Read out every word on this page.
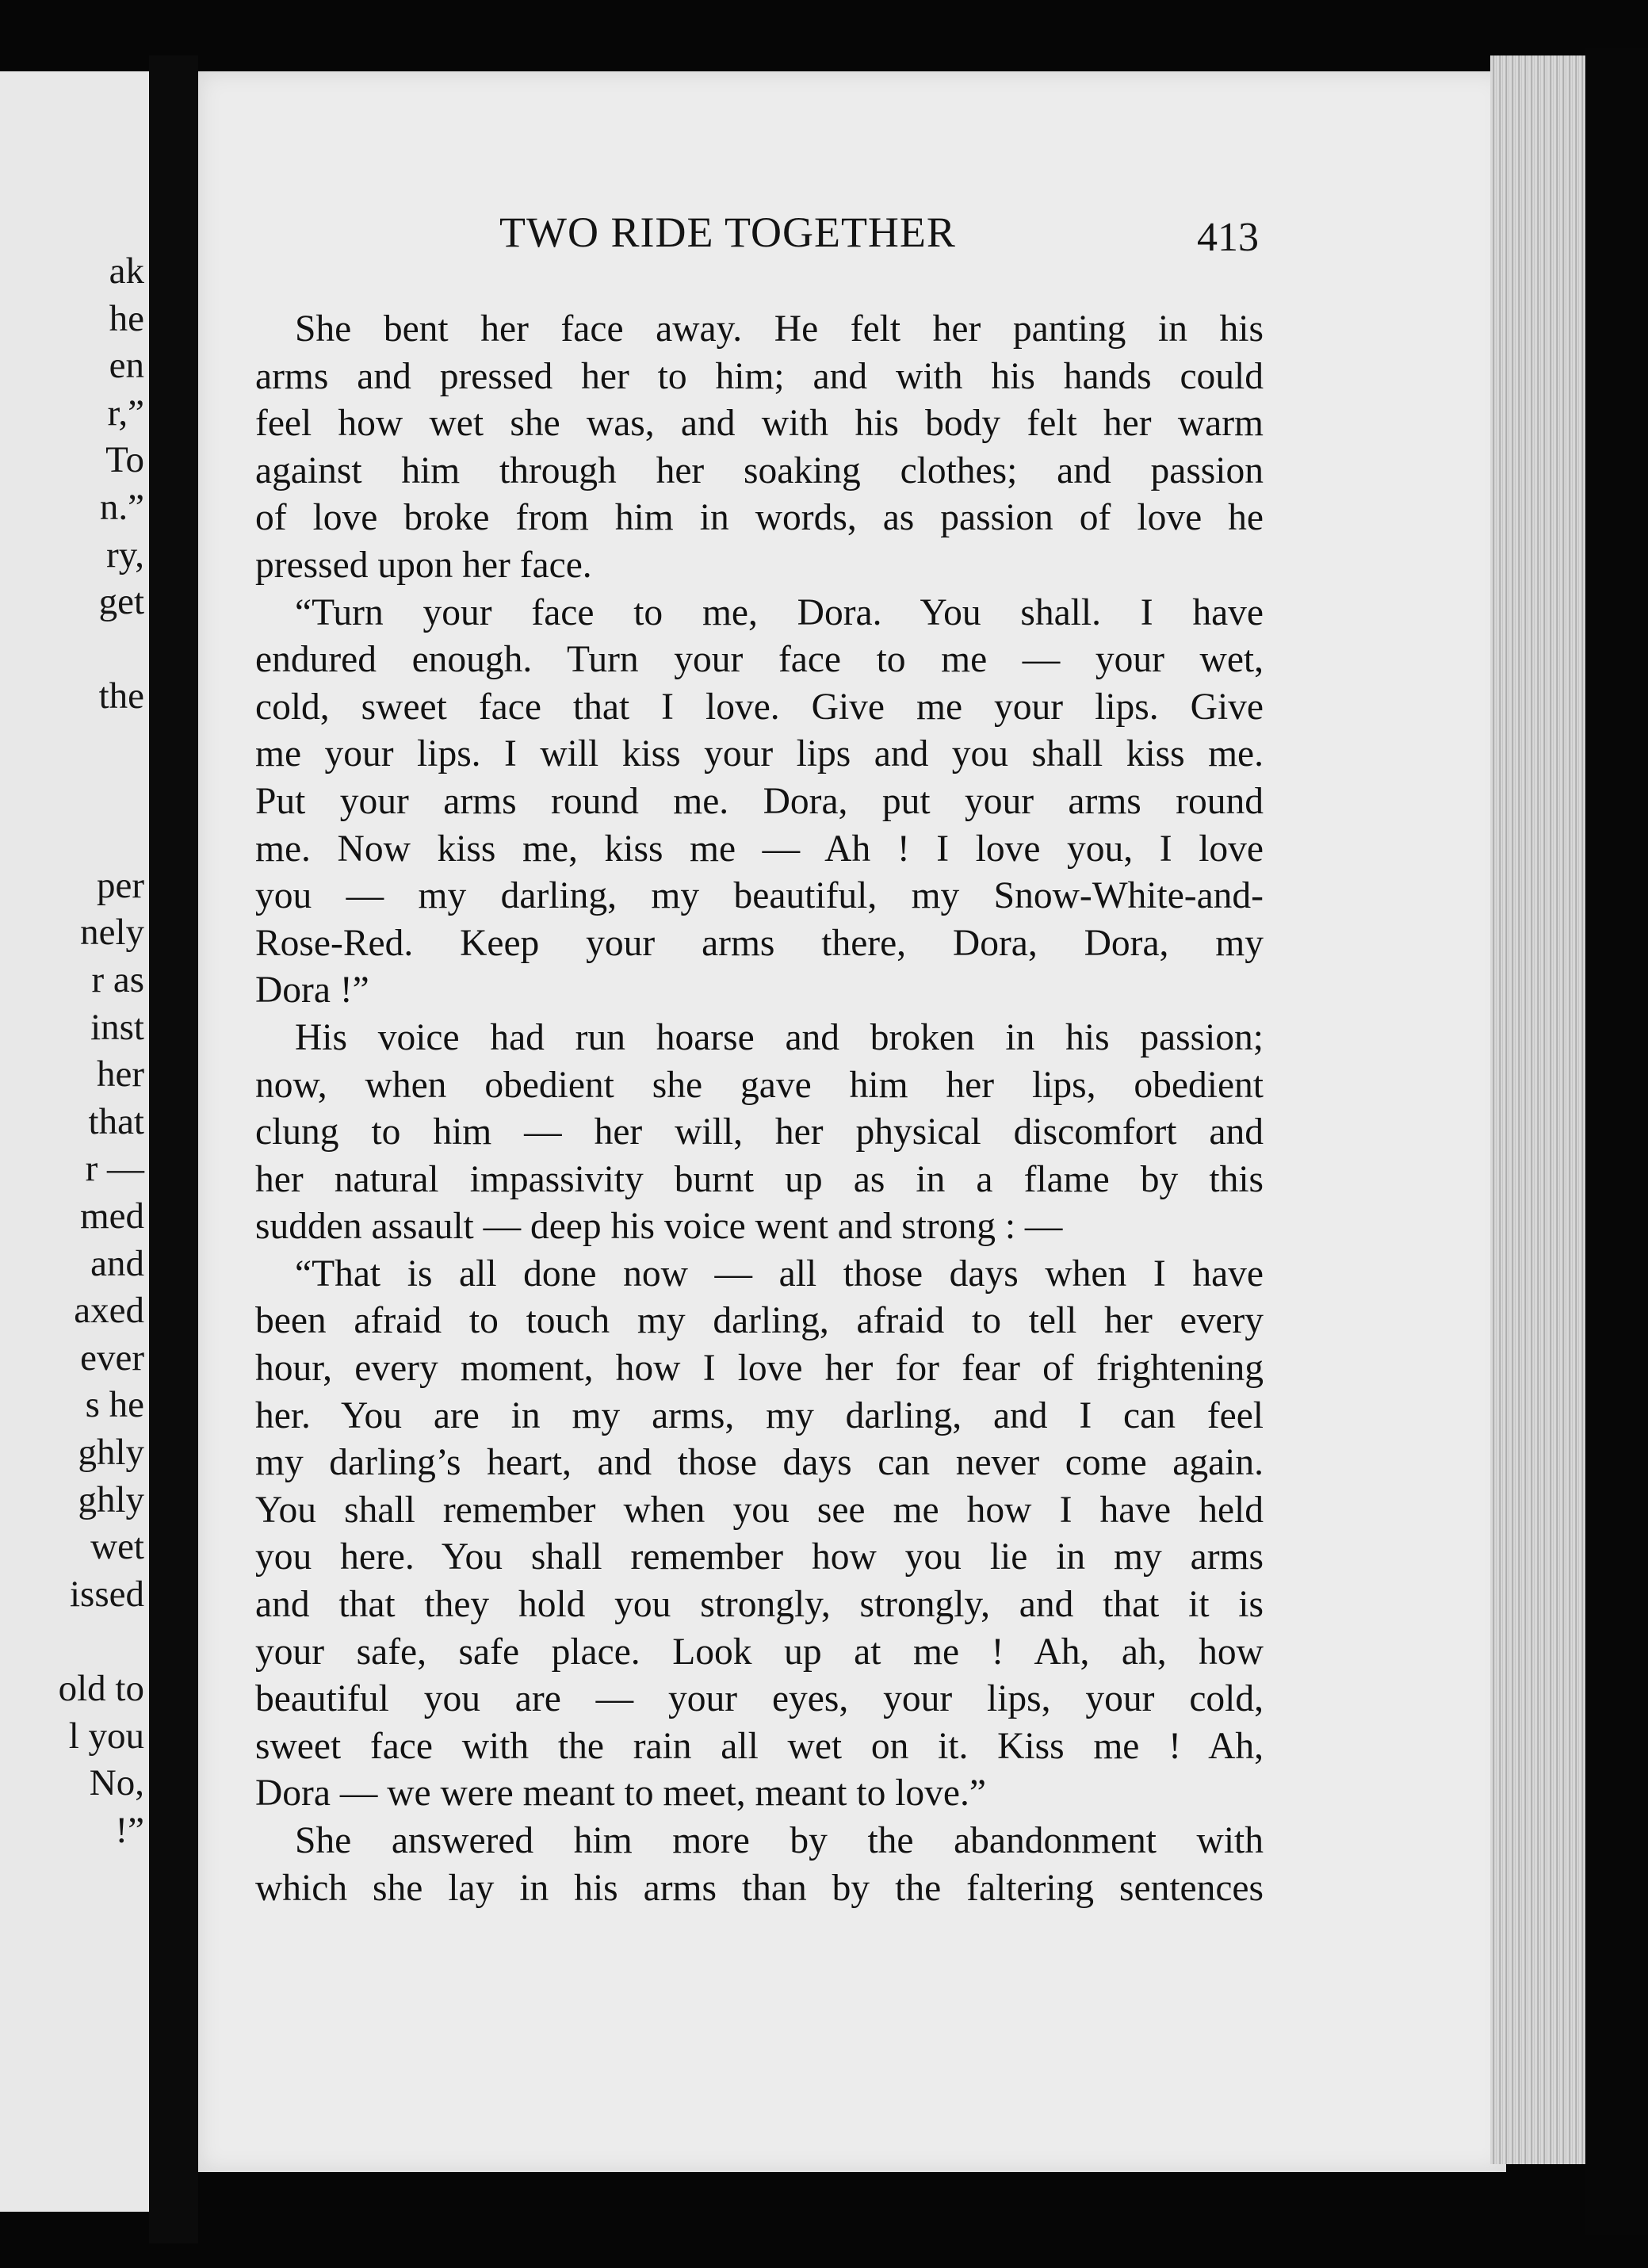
ak
he
en
r,”
To
n.”
ry,
get
the
per
nely
r as
inst
her
that
r —
med
and
axed
ever
s he
ghly
ghly
wet
issed
old to
l you
No,
!”
TWO RIDE TOGETHER	413
She bent her face away. He felt her panting in his
arms and pressed her to him; and with his hands could
feel how wet she was, and with his body felt her warm
against him through her soaking clothes; and passion
of love broke from him in words, as passion of love he
pressed upon her face.
“Turn your face to me, Dora. You shall. I have
endured enough. Turn your face to me — your wet,
cold, sweet face that I love. Give me your lips. Give
me your lips. I will kiss your lips and you shall kiss me.
Put your arms round me. Dora, put your arms round
me. Now kiss me, kiss me — Ah ! I love you, I love
you — my darling, my beautiful, my Snow-White-and-
Rose-Red. Keep your arms there, Dora, Dora, my
Dora !”
His voice had run hoarse and broken in his passion;
now, when obedient she gave him her lips, obedient
clung to him — her will, her physical discomfort and
her natural impassivity burnt up as in a flame by this
sudden assault — deep his voice went and strong : —
“That is all done now — all those days when I have
been afraid to touch my darling, afraid to tell her every
hour, every moment, how I love her for fear of frightening
her. You are in my arms, my darling, and I can feel
my darling’s heart, and those days can never come again.
You shall remember when you see me how I have held
you here. You shall remember how you lie in my arms
and that they hold you strongly, strongly, and that it is
your safe, safe place. Look up at me ! Ah, ah, how
beautiful you are — your eyes, your lips, your cold,
sweet face with the rain all wet on it. Kiss me ! Ah,
Dora — we were meant to meet, meant to love.”
She answered him more by the abandonment with
which she lay in his arms than by the faltering sentences
